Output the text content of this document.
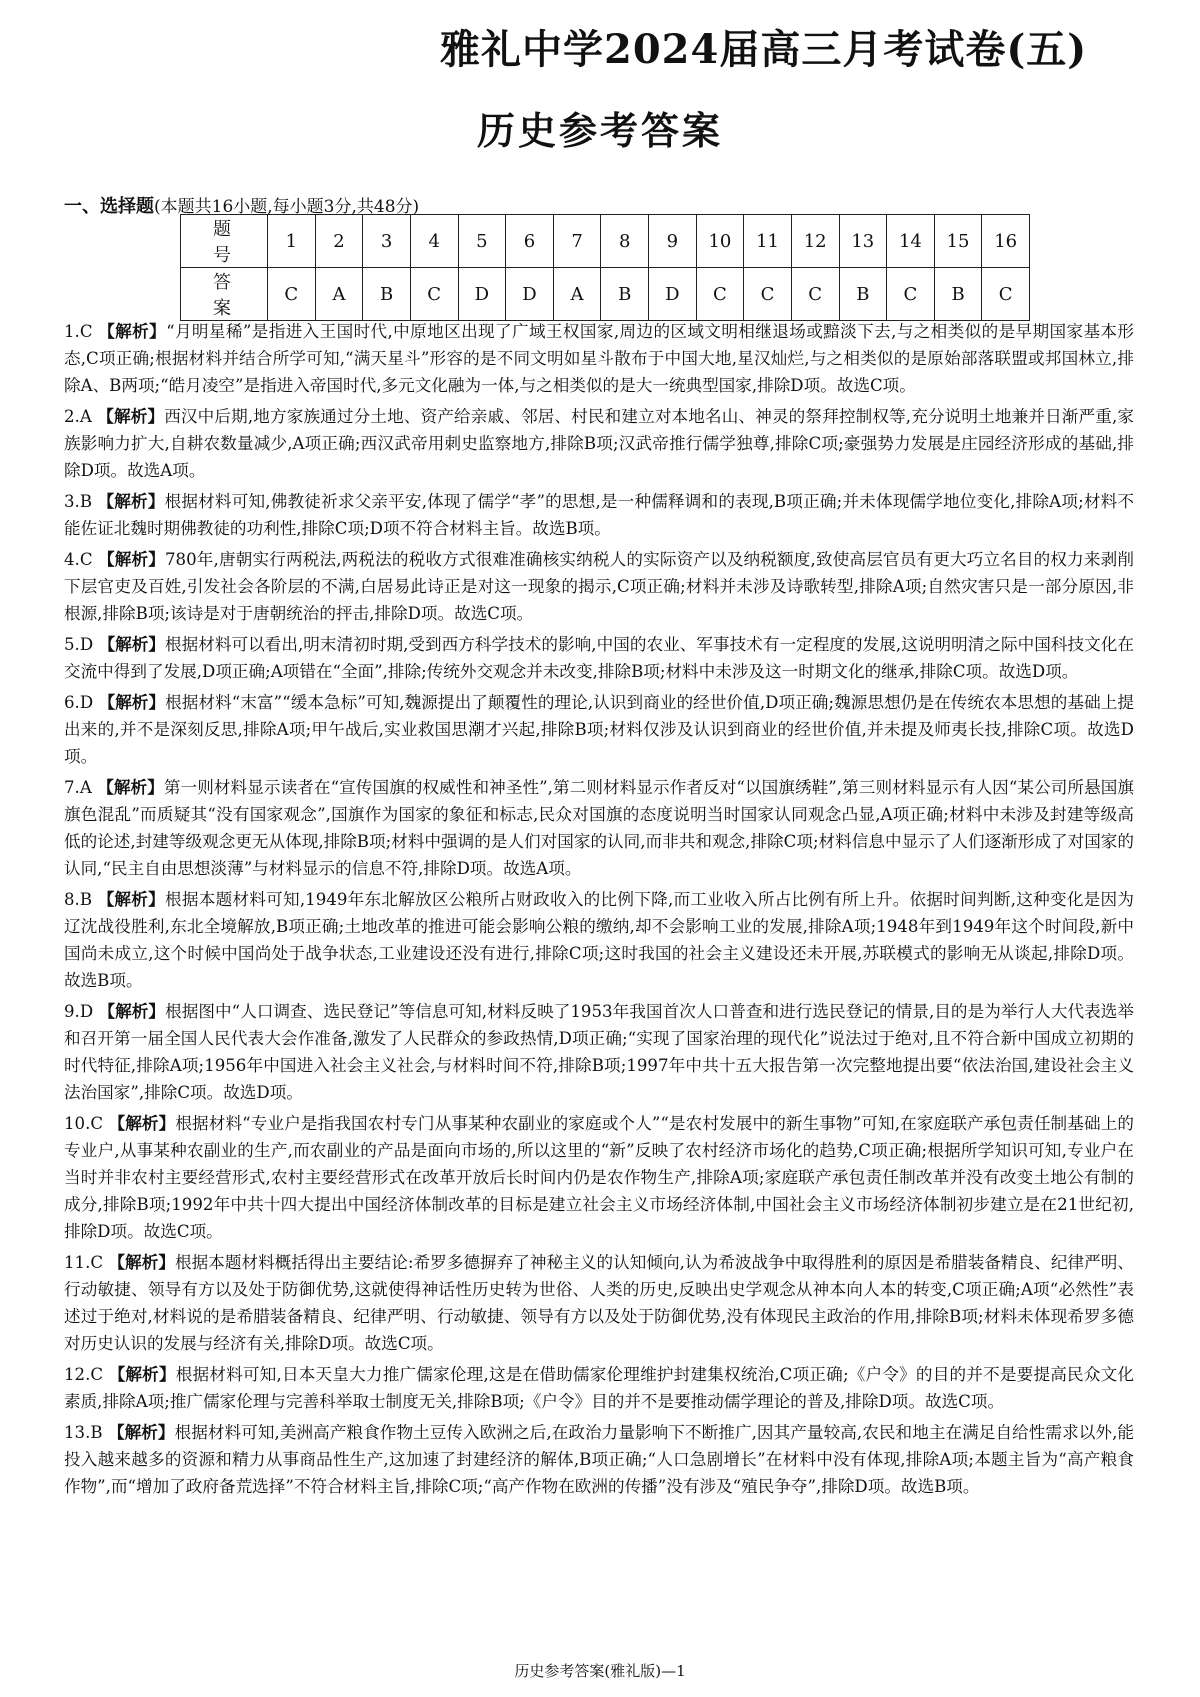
雅礼中学2024届高三月考试卷(五)
历史参考答案
一、选择题(本题共16小题,每小题3分,共48分)
题 号	1	2	3	4	5	6	7	8	9	10	11	12	13	14	15	16
答 案	C	A	B	C	D	D	A	B	D	C	C	C	B	C	B	C

1.C 【解析】“月明星稀”是指进入王国时代,中原地区出现了广域王权国家,周边的区域文明相继退场或黯淡下去,与之相类似的是早期国家基本形态,C项正确;根据材料并结合所学可知,“满天星斗”形容的是不同文明如星斗散布于中国大地,星汉灿烂,与之相类似的是原始部落联盟或邦国林立,排除A、B两项;“皓月凌空”是指进入帝国时代,多元文化融为一体,与之相类似的是大一统典型国家,排除D项。故选C项。

2.A 【解析】西汉中后期,地方家族通过分土地、资产给亲戚、邻居、村民和建立对本地名山、神灵的祭拜控制权等,充分说明土地兼并日渐严重,家族影响力扩大,自耕农数量减少,A项正确;西汉武帝用刺史监察地方,排除B项;汉武帝推行儒学独尊,排除C项;豪强势力发展是庄园经济形成的基础,排除D项。故选A项。

3.B 【解析】根据材料可知,佛教徒祈求父亲平安,体现了儒学“孝”的思想,是一种儒释调和的表现,B项正确;并未体现儒学地位变化,排除A项;材料不能佐证北魏时期佛教徒的功利性,排除C项;D项不符合材料主旨。故选B项。

4.C 【解析】780年,唐朝实行两税法,两税法的税收方式很难准确核实纳税人的实际资产以及纳税额度,致使高层官员有更大巧立名目的权力来剥削下层官吏及百姓,引发社会各阶层的不满,白居易此诗正是对这一现象的揭示,C项正确;材料并未涉及诗歌转型,排除A项;自然灾害只是一部分原因,非根源,排除B项;该诗是对于唐朝统治的抨击,排除D项。故选C项。

5.D 【解析】根据材料可以看出,明末清初时期,受到西方科学技术的影响,中国的农业、军事技术有一定程度的发展,这说明明清之际中国科技文化在交流中得到了发展,D项正确;A项错在“全面”,排除;传统外交观念并未改变,排除B项;材料中未涉及这一时期文化的继承,排除C项。故选D项。

6.D 【解析】根据材料“末富”“缓本急标”可知,魏源提出了颠覆性的理论,认识到商业的经世价值,D项正确;魏源思想仍是在传统农本思想的基础上提出来的,并不是深刻反思,排除A项;甲午战后,实业救国思潮才兴起,排除B项;材料仅涉及认识到商业的经世价值,并未提及师夷长技,排除C项。故选D项。

7.A 【解析】第一则材料显示读者在“宣传国旗的权威性和神圣性”,第二则材料显示作者反对“以国旗绣鞋”,第三则材料显示有人因“某公司所悬国旗旗色混乱”而质疑其“没有国家观念”,国旗作为国家的象征和标志,民众对国旗的态度说明当时国家认同观念凸显,A项正确;材料中未涉及封建等级高低的论述,封建等级观念更无从体现,排除B项;材料中强调的是人们对国家的认同,而非共和观念,排除C项;材料信息中显示了人们逐渐形成了对国家的认同,“民主自由思想淡薄”与材料显示的信息不符,排除D项。故选A项。

8.B 【解析】根据本题材料可知,1949年东北解放区公粮所占财政收入的比例下降,而工业收入所占比例有所上升。依据时间判断,这种变化是因为辽沈战役胜利,东北全境解放,B项正确;土地改革的推进可能会影响公粮的缴纳,却不会影响工业的发展,排除A项;1948年到1949年这个时间段,新中国尚未成立,这个时候中国尚处于战争状态,工业建设还没有进行,排除C项;这时我国的社会主义建设还未开展,苏联模式的影响无从谈起,排除D项。故选B项。

9.D 【解析】根据图中“人口调查、选民登记”等信息可知,材料反映了1953年我国首次人口普查和进行选民登记的情景,目的是为举行人大代表选举和召开第一届全国人民代表大会作准备,激发了人民群众的参政热情,D项正确;“实现了国家治理的现代化”说法过于绝对,且不符合新中国成立初期的时代特征,排除A项;1956年中国进入社会主义社会,与材料时间不符,排除B项;1997年中共十五大报告第一次完整地提出要“依法治国,建设社会主义法治国家”,排除C项。故选D项。

10.C 【解析】根据材料“专业户是指我国农村专门从事某种农副业的家庭或个人”“是农村发展中的新生事物”可知,在家庭联产承包责任制基础上的专业户,从事某种农副业的生产,而农副业的产品是面向市场的,所以这里的“新”反映了农村经济市场化的趋势,C项正确;根据所学知识可知,专业户在当时并非农村主要经营形式,农村主要经营形式在改革开放后长时间内仍是农作物生产,排除A项;家庭联产承包责任制改革并没有改变土地公有制的成分,排除B项;1992年中共十四大提出中国经济体制改革的目标是建立社会主义市场经济体制,中国社会主义市场经济体制初步建立是在21世纪初,排除D项。故选C项。

11.C 【解析】根据本题材料概括得出主要结论:希罗多德摒弃了神秘主义的认知倾向,认为希波战争中取得胜利的原因是希腊装备精良、纪律严明、行动敏捷、领导有方以及处于防御优势,这就使得神话性历史转为世俗、人类的历史,反映出史学观念从神本向人本的转变,C项正确;A项“必然性”表述过于绝对,材料说的是希腊装备精良、纪律严明、行动敏捷、领导有方以及处于防御优势,没有体现民主政治的作用,排除B项;材料未体现希罗多德对历史认识的发展与经济有关,排除D项。故选C项。

12.C 【解析】根据材料可知,日本天皇大力推广儒家伦理,这是在借助儒家伦理维护封建集权统治,C项正确;《户令》的目的并不是要提高民众文化素质,排除A项;推广儒家伦理与完善科举取士制度无关,排除B项;《户令》目的并不是要推动儒学理论的普及,排除D项。故选C项。

13.B 【解析】根据材料可知,美洲高产粮食作物土豆传入欧洲之后,在政治力量影响下不断推广,因其产量较高,农民和地主在满足自给性需求以外,能投入越来越多的资源和精力从事商品性生产,这加速了封建经济的解体,B项正确;“人口急剧增长”在材料中没有体现,排除A项;本题主旨为“高产粮食作物”,而“增加了政府备荒选择”不符合材料主旨,排除C项;“高产作物在欧洲的传播”没有涉及“殖民争夺”,排除D项。故选B项。

历史参考答案(雅礼版)—1
